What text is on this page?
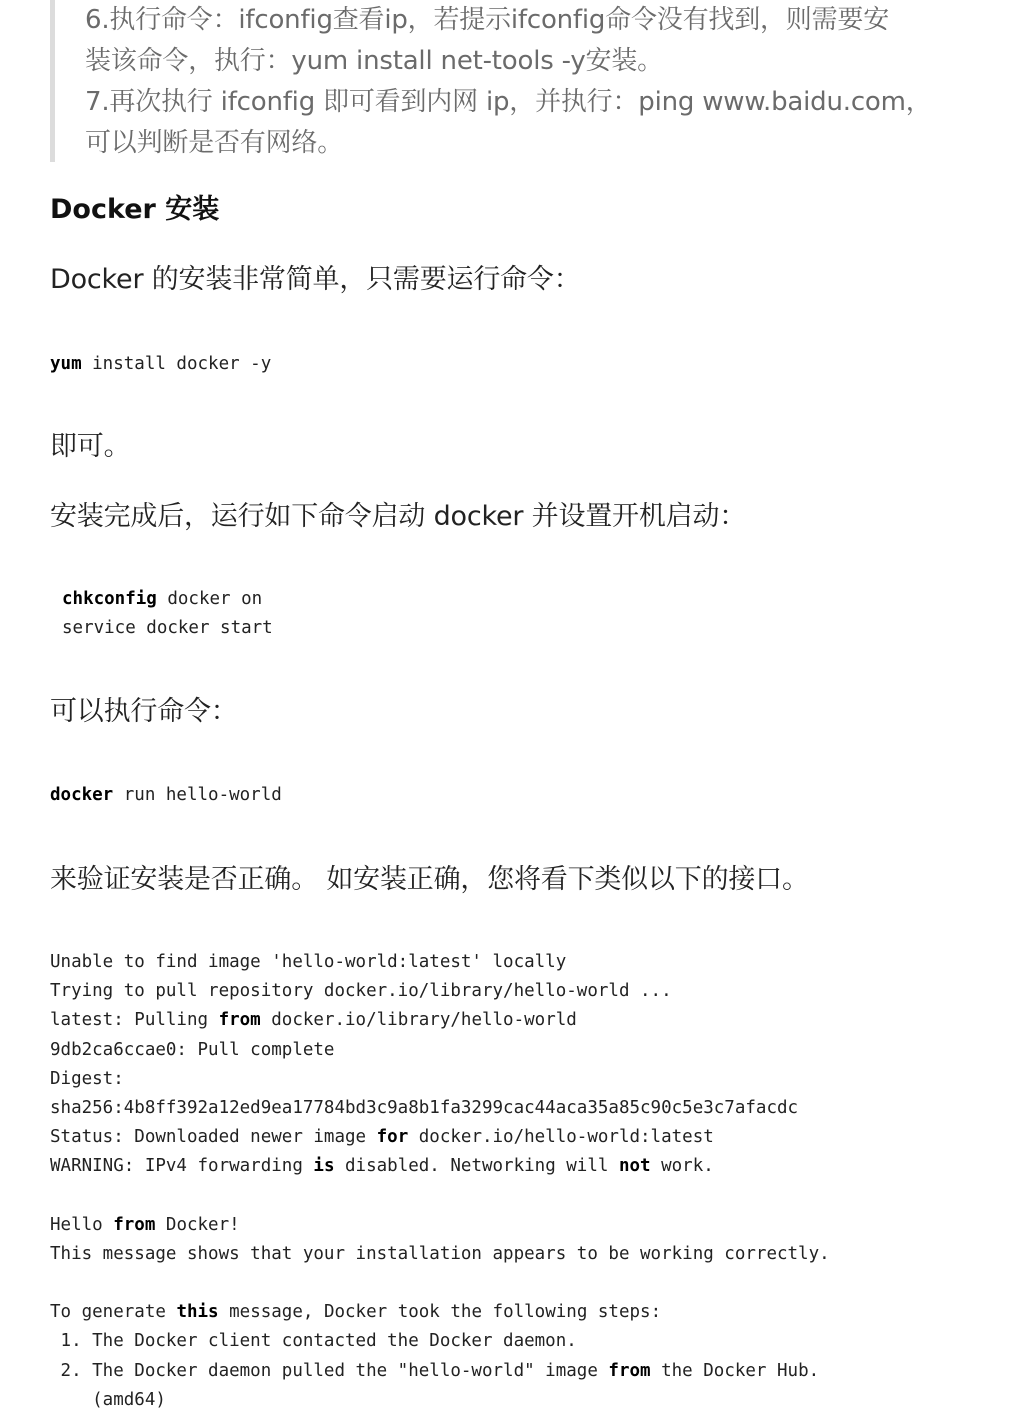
6.执行命令：ifconfig查看ip，若提示ifconfig命令没有找到，则需要安
装该命令，执行：yum install net-tools -y安装。
7.再次执行 ifconfig 即可看到内网 ip，并执行：ping www.baidu.com，
可以判断是否有网络。
Docker 安装
Docker 的安装非常简单，只需要运行命令：
yum install docker -y
即可。
安装完成后，运行如下命令启动 docker 并设置开机启动：
chkconfig docker on
service docker start
可以执行命令：
docker run hello-world
来验证安装是否正确。 如安装正确，您将看下类似以下的接口。
Unable to find image 'hello-world:latest' locally
Trying to pull repository docker.io/library/hello-world ...
latest: Pulling from docker.io/library/hello-world
9db2ca6ccae0: Pull complete
Digest:
sha256:4b8ff392a12ed9ea17784bd3c9a8b1fa3299cac44aca35a85c90c5e3c7afacdc
Status: Downloaded newer image for docker.io/hello-world:latest
WARNING: IPv4 forwarding is disabled. Networking will not work.
Hello from Docker!
This message shows that your installation appears to be working correctly.
To generate this message, Docker took the following steps:
1. The Docker client contacted the Docker daemon.
2. The Docker daemon pulled the "hello-world" image from the Docker Hub.
(amd64)
